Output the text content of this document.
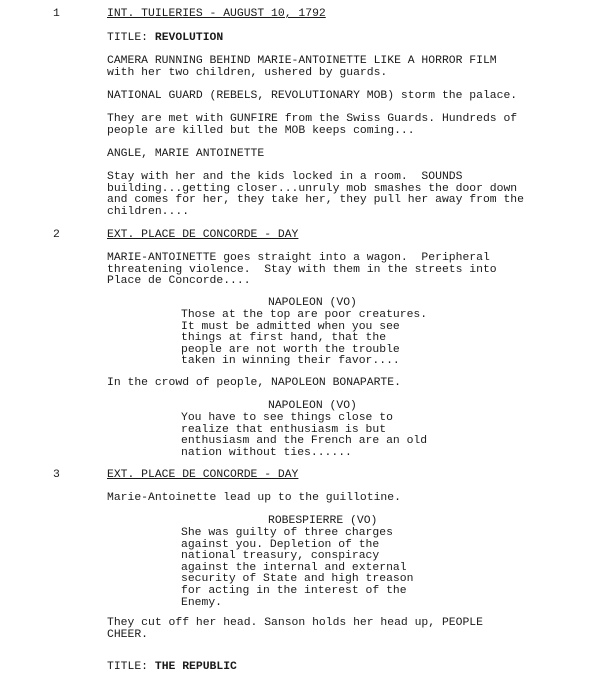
1	INT. TUILERIES - AUGUST 10, 1792
TITLE: REVOLUTION
CAMERA RUNNING BEHIND MARIE-ANTOINETTE LIKE A HORROR FILM
with her two children, ushered by guards.
NATIONAL GUARD (REBELS, REVOLUTIONARY MOB) storm the palace.
They are met with GUNFIRE from the Swiss Guards. Hundreds of
people are killed but the MOB keeps coming...
ANGLE, MARIE ANTOINETTE
Stay with her and the kids locked in a room.  SOUNDS
building...getting closer...unruly mob smashes the door down
and comes for her, they take her, they pull her away from the
children....
2	EXT. PLACE DE CONCORDE - DAY
MARIE-ANTOINETTE goes straight into a wagon.  Peripheral
threatening violence.  Stay with them in the streets into
Place de Concorde....
NAPOLEON (VO)
Those at the top are poor creatures.
It must be admitted when you see
things at first hand, that the
people are not worth the trouble
taken in winning their favor....
In the crowd of people, NAPOLEON BONAPARTE.
NAPOLEON (VO)
You have to see things close to
realize that enthusiasm is but
enthusiasm and the French are an old
nation without ties......
3	EXT. PLACE DE CONCORDE - DAY
Marie-Antoinette lead up to the guillotine.
ROBESPIERRE (VO)
She was guilty of three charges
against you. Depletion of the
national treasury, conspiracy
against the internal and external
security of State and high treason
for acting in the interest of the
Enemy.
They cut off her head. Sanson holds her head up, PEOPLE
CHEER.
TITLE: THE REPUBLIC
